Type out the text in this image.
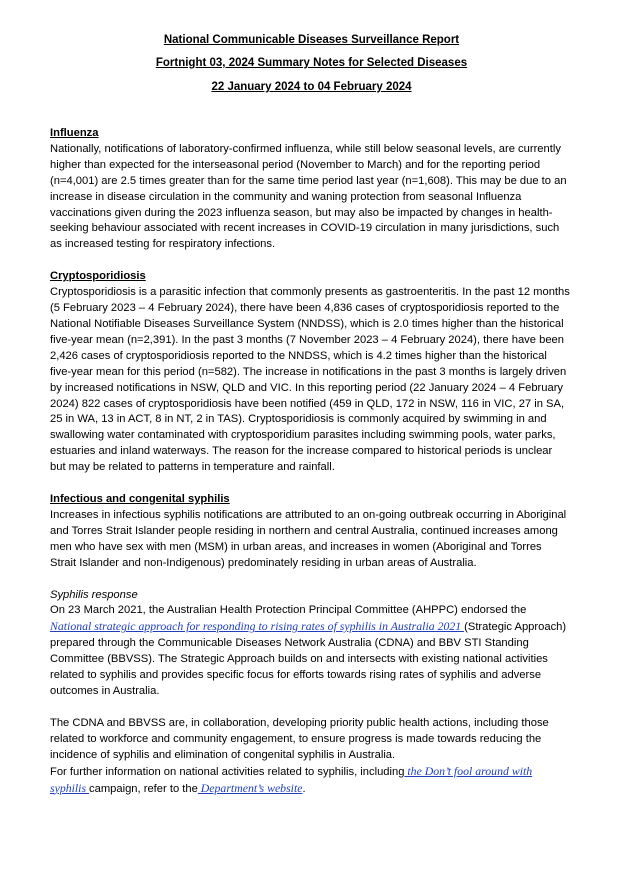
National Communicable Diseases Surveillance Report
Fortnight 03, 2024 Summary Notes for Selected Diseases
22 January 2024 to 04 February 2024
Influenza

Nationally, notifications of laboratory-confirmed influenza, while still below seasonal levels, are currently higher than expected for the interseasonal period (November to March) and for the reporting period (n=4,001) are 2.5 times greater than for the same time period last year (n=1,608). This may be due to an increase in disease circulation in the community and waning protection from seasonal Influenza vaccinations given during the 2023 influenza season, but may also be impacted by changes in health-seeking behaviour associated with recent increases in COVID-19 circulation in many jurisdictions, such as increased testing for respiratory infections.

Cryptosporidiosis

Cryptosporidiosis is a parasitic infection that commonly presents as gastroenteritis. In the past 12 months (5 February 2023 – 4 February 2024), there have been 4,836 cases of cryptosporidiosis reported to the National Notifiable Diseases Surveillance System (NNDSS), which is 2.0 times higher than the historical five-year mean (n=2,391). In the past 3 months (7 November 2023 – 4 February 2024), there have been 2,426 cases of cryptosporidiosis reported to the NNDSS, which is 4.2 times higher than the historical five-year mean for this period (n=582). The increase in notifications in the past 3 months is largely driven by increased notifications in NSW, QLD and VIC. In this reporting period (22 January 2024 – 4 February 2024) 822 cases of cryptosporidiosis have been notified (459 in QLD, 172 in NSW, 116 in VIC, 27 in SA, 25 in WA, 13 in ACT, 8 in NT, 2 in TAS). Cryptosporidiosis is commonly acquired by swimming in and swallowing water contaminated with cryptosporidium parasites including swimming pools, water parks, estuaries and inland waterways. The reason for the increase compared to historical periods is unclear but may be related to patterns in temperature and rainfall.

Infectious and congenital syphilis

Increases in infectious syphilis notifications are attributed to an on-going outbreak occurring in Aboriginal and Torres Strait Islander people residing in northern and central Australia, continued increases among men who have sex with men (MSM) in urban areas, and increases in women (Aboriginal and Torres Strait Islander and non-Indigenous) predominately residing in urban areas of Australia.

Syphilis response

On 23 March 2021, the Australian Health Protection Principal Committee (AHPPC) endorsed the National strategic approach for responding to rising rates of syphilis in Australia 2021 (Strategic Approach) prepared through the Communicable Diseases Network Australia (CDNA) and BBV STI Standing Committee (BBVSS). The Strategic Approach builds on and intersects with existing national activities related to syphilis and provides specific focus for efforts towards rising rates of syphilis and adverse outcomes in Australia.

The CDNA and BBVSS are, in collaboration, developing priority public health actions, including those related to workforce and community engagement, to ensure progress is made towards reducing the incidence of syphilis and elimination of congenital syphilis in Australia.

For further information on national activities related to syphilis, including the Don’t fool around with syphilis campaign, refer to the Department’s website.
